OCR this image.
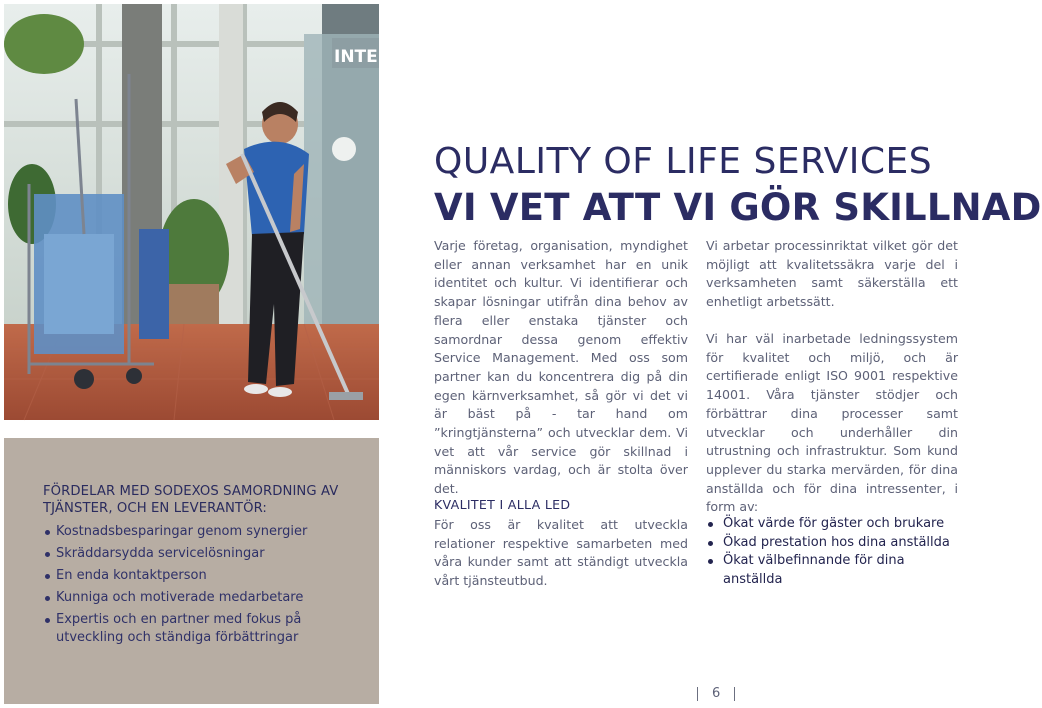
INTE
FÖRDELAR MED SODEXOS SAMORDNING AV TJÄNSTER, OCH EN LEVERANTÖR:
Kostnadsbesparingar genom synergier
Skräddarsydda servicelösningar
En enda kontaktperson
Kunniga och motiverade medarbetare
Expertis och en partner med fokus på utveckling och ständiga förbättringar
QUALITY OF LIFE SERVICES
VI VET ATT VI GÖR SKILLNAD

Varje företag, organisation, myndighet eller annan verksamhet har en unik identitet och kultur. Vi identifierar och skapar lösningar utifrån dina behov av flera eller enstaka tjänster och samordnar dessa genom effektiv Service Management. Med oss som partner kan du koncentrera dig på din egen kärnverksamhet, så gör vi det vi är bäst på - tar hand om ”kringtjänsterna” och utvecklar dem. Vi vet att vår service gör skillnad i människors vardag, och är stolta över det.

KVALITET I ALLA LED

För oss är kvalitet att utveckla relationer respektive samarbeten med våra kunder samt att ständigt utveckla vårt tjänsteutbud.

Vi arbetar processinriktat vilket gör det möjligt att kvalitetssäkra varje del i verksamheten samt säkerställa ett enhetligt arbetssätt.

Vi har väl inarbetade ledningssystem för kvalitet och miljö, och är certifierade enligt ISO 9001 respektive 14001. Våra tjänster stödjer och förbättrar dina processer samt utvecklar och underhåller din utrustning och infrastruktur. Som kund upplever du starka mervärden, för dina anställda och för dina intressenter, i form av:

Ökat värde för gäster och brukare
Ökad prestation hos dina anställda
Ökat välbefinnande för dina anställda
6
